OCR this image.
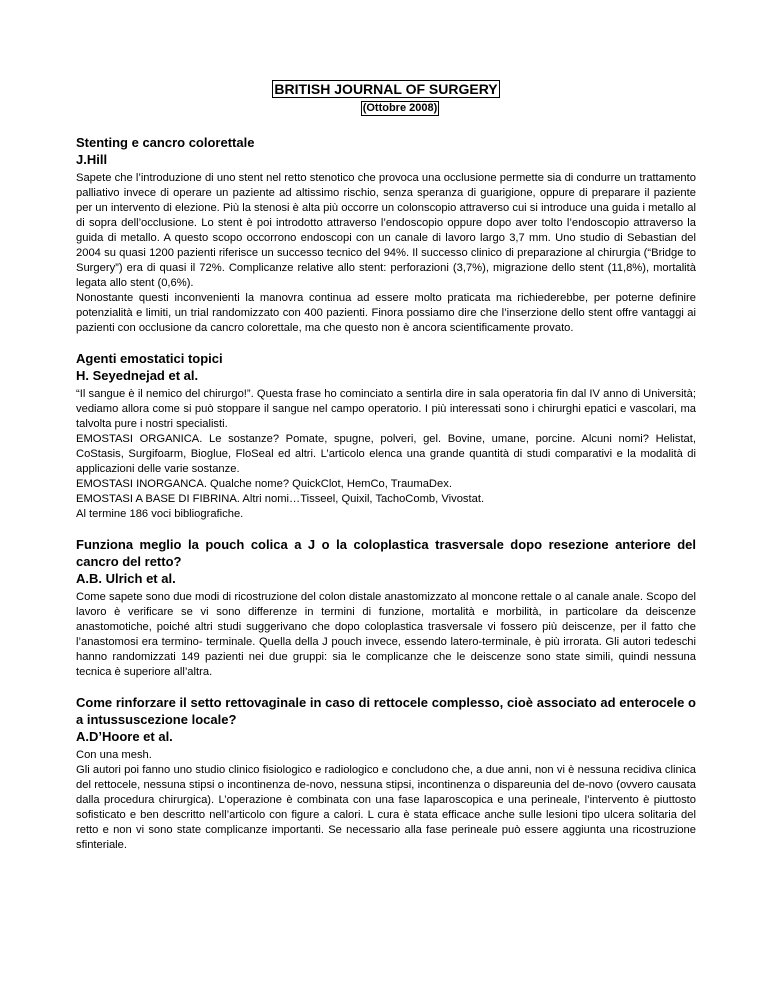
BRITISH JOURNAL OF SURGERY
(Ottobre 2008)
Stenting e cancro colorettale
J.Hill

Sapete che l’introduzione di uno stent nel retto stenotico che provoca una occlusione permette sia di condurre un trattamento palliativo invece di operare un paziente ad altissimo rischio, senza speranza di guarigione, oppure di preparare il paziente per un intervento di elezione. Più la stenosi è alta più occorre un colonscopio attraverso cui si introduce una guida i metallo al di sopra dell’occlusione. Lo stent è poi introdotto attraverso l’endoscopio oppure dopo aver tolto l’endoscopio attraverso la guida di metallo. A questo scopo occorrono endoscopi con un canale di lavoro largo 3,7 mm. Uno studio di Sebastian del 2004 su quasi 1200 pazienti riferisce un successo tecnico del 94%. Il successo clinico di preparazione al chirurgia (“Bridge to Surgery”) era di quasi il 72%. Complicanze relative allo stent: perforazioni (3,7%), migrazione dello stent (11,8%), mortalità legata allo stent (0,6%).

Nonostante questi inconvenienti la manovra continua ad essere molto praticata ma richiederebbe, per poterne definire potenzialità e limiti, un trial randomizzato con 400 pazienti. Finora possiamo dire che l’inserzione dello stent offre vantaggi ai pazienti con occlusione da cancro colorettale, ma che questo non è ancora scientificamente provato.

Agenti emostatici topici
H. Seyednejad et al.

“Il sangue è il nemico del chirurgo!”. Questa frase ho cominciato a sentirla dire in sala operatoria fin dal IV anno di Università; vediamo allora come si può stoppare il sangue nel campo operatorio. I più interessati sono i chirurghi epatici e vascolari, ma talvolta pure i nostri specialisti.

EMOSTASI ORGANICA. Le sostanze? Pomate, spugne, polveri, gel. Bovine, umane, porcine. Alcuni nomi? Helistat, CoStasis, Surgifoarm, Bioglue, FloSeal ed altri. L’articolo elenca una grande quantità di studi comparativi e la modalità di applicazioni delle varie sostanze.

EMOSTASI INORGANCA. Qualche nome? QuickClot, HemCo, TraumaDex.

EMOSTASI A BASE DI FIBRINA. Altri nomi…Tisseel, Quixil, TachoComb, Vivostat.

Al termine 186 voci bibliografiche.

Funziona meglio la pouch colica a J o la coloplastica trasversale dopo resezione anteriore del cancro del retto?
A.B. Ulrich et al.

Come sapete sono due modi di ricostruzione del colon distale anastomizzato al moncone rettale o al canale anale. Scopo del lavoro è verificare se vi sono differenze in termini di funzione, mortalità e morbilità, in particolare da deiscenze anastomotiche, poiché altri studi suggerivano che dopo coloplastica trasversale vi fossero più deiscenze, per il fatto che l’anastomosi era termino- terminale. Quella della J pouch invece, essendo latero-terminale, è più irrorata. Gli autori tedeschi hanno randomizzati 149 pazienti nei due gruppi: sia le complicanze che le deiscenze sono state simili, quindi nessuna tecnica è superiore all’altra.

Come rinforzare il setto rettovaginale in caso di rettocele complesso, cioè associato ad enterocele o a intussuscezione locale?
A.D’Hoore et al.

Con una mesh.

Gli autori poi fanno uno studio clinico fisiologico e radiologico e concludono che, a due anni, non vi è nessuna recidiva clinica del rettocele, nessuna stipsi o incontinenza de-novo, nessuna stipsi, incontinenza o dispareunia del de-novo (ovvero causata dalla procedura chirurgica). L’operazione è combinata con una fase laparoscopica e una perineale, l’intervento è piuttosto sofisticato e ben descritto nell’articolo con figure a calori. L cura è stata efficace anche sulle lesioni tipo ulcera solitaria del retto e non vi sono state complicanze importanti. Se necessario alla fase perineale può essere aggiunta una ricostruzione sfinteriale.
